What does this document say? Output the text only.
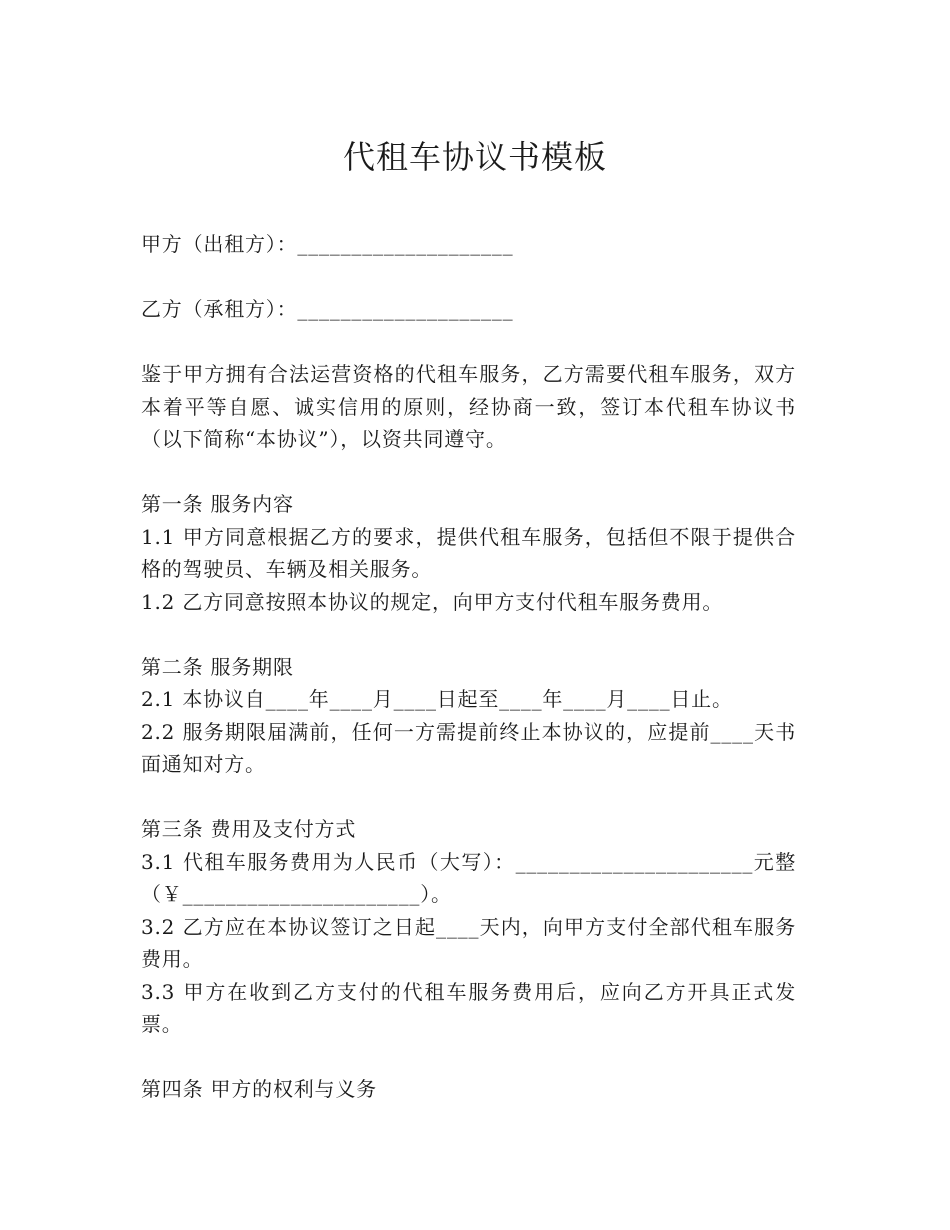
代租车协议书模板

甲方（出租方）：____________________

乙方（承租方）：____________________

鉴于甲方拥有合法运营资格的代租车服务，乙方需要代租车服务，双方本着平等自愿、诚实信用的原则，经协商一致，签订本代租车协议书（以下简称“本协议”），以资共同遵守。

第一条 服务内容

1.1 甲方同意根据乙方的要求，提供代租车服务，包括但不限于提供合格的驾驶员、车辆及相关服务。

1.2 乙方同意按照本协议的规定，向甲方支付代租车服务费用。

第二条 服务期限

2.1 本协议自____年____月____日起至____年____月____日止。

2.2 服务期限届满前，任何一方需提前终止本协议的，应提前____天书面通知对方。

第三条 费用及支付方式

3.1 代租车服务费用为人民币（大写）：______________________元整（￥______________________）。

3.2 乙方应在本协议签订之日起____天内，向甲方支付全部代租车服务费用。

3.3 甲方在收到乙方支付的代租车服务费用后，应向乙方开具正式发票。

第四条 甲方的权利与义务
